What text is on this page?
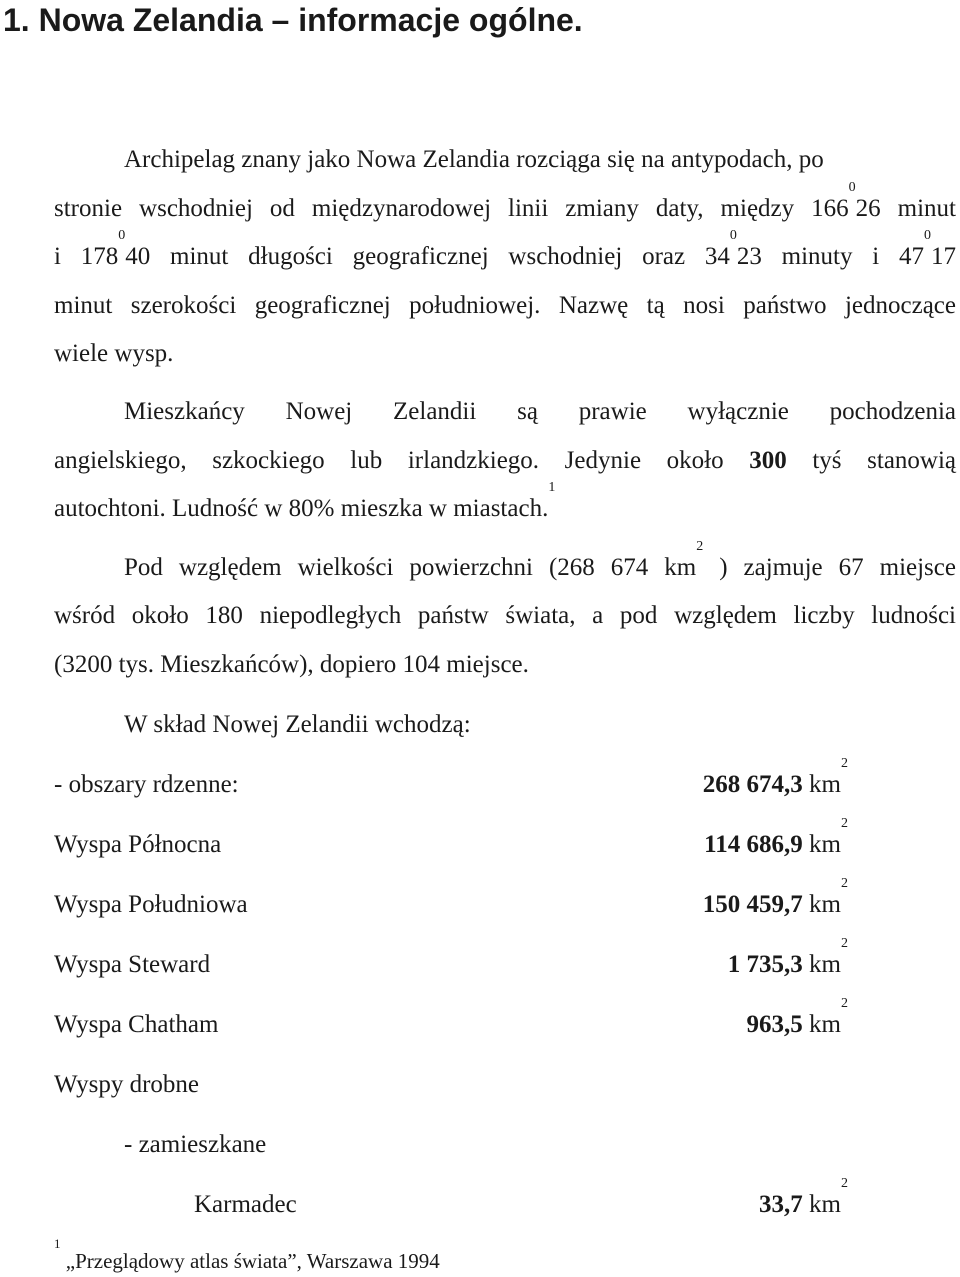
1. Nowa Zelandia – informacje ogólne.
Archipelag znany jako Nowa Zelandia rozciąga się na antypodach, po
stronie wschodniej od międzynarodowej linii zmiany daty, między $166^026$ minut
i $178^040$ minut długości geograficznej wschodniej oraz $34^023$ minuty i $47^017$
minut szerokości geograficznej południowej. Nazwę tą nosi państwo jednoczące
wiele wysp.
Mieszkańcy Nowej Zelandii są prawie wyłącznie pochodzenia
angielskiego, szkockiego lub irlandzkiego. Jedynie około 300 tyś stanowią
autochtoni. Ludność w 80% mieszka w miastach.$^1$
Pod względem wielkości powierzchni (268 674 $km^2$ ) zajmuje 67 miejsce
wśród około 180 niepodległych państw świata, a pod względem liczby ludności
(3200 tys. Mieszkańców), dopiero 104 miejsce.
W skład Nowej Zelandii wchodzą:
- obszary rdzenne:	268 674,3 $km^2$
Wyspa Północna	114 686,9 $km^2$
Wyspa Południowa	150 459,7 $km^2$
Wyspa Steward	1 735,3 $km^2$
Wyspa Chatham	963,5 $km^2$
Wyspy drobne
- zamieszkane
Karmadec	33,7 $km^2$
$^1$ „Przeglądowy atlas świata”, Warszawa 1994
